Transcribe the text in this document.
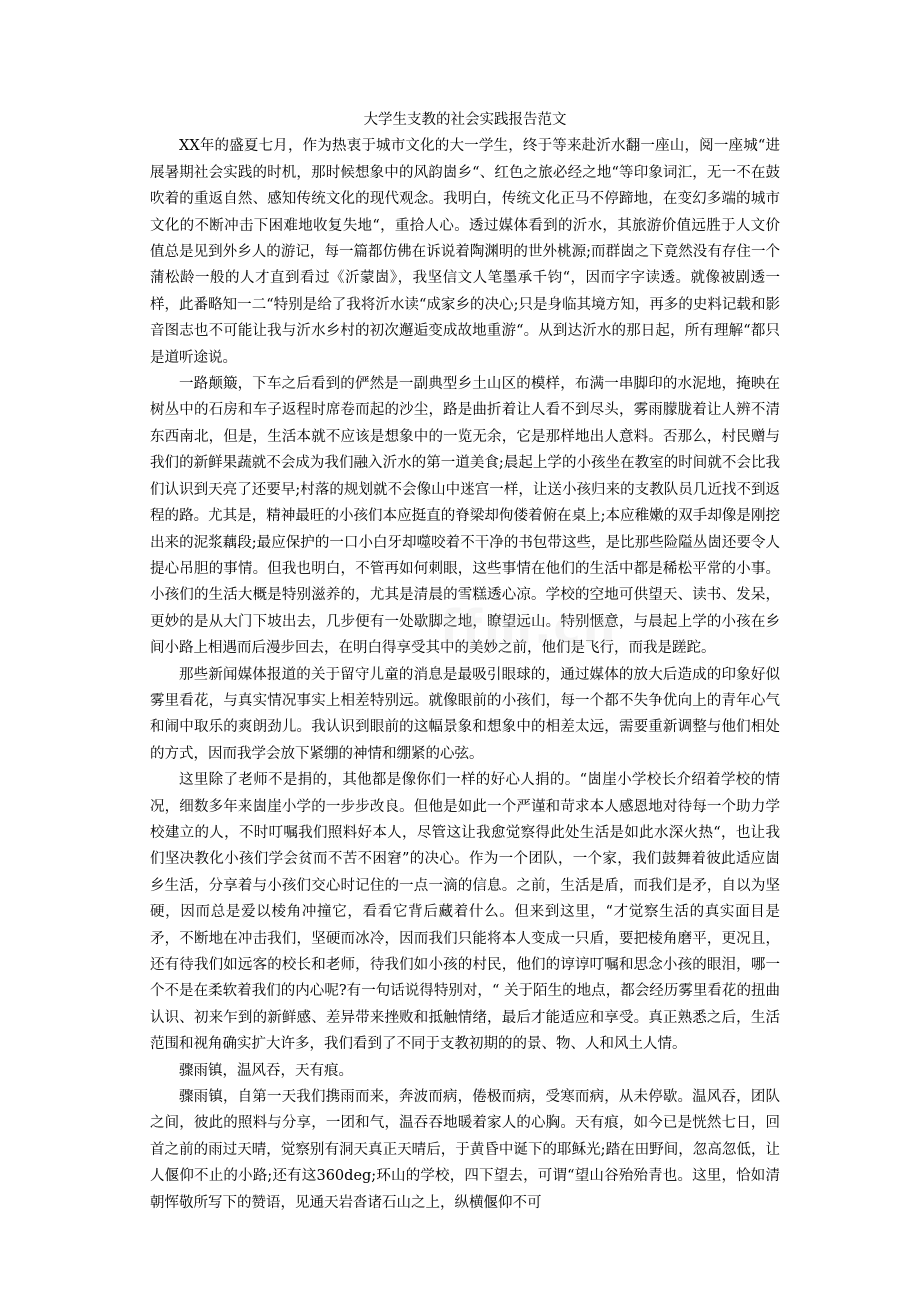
大学生支教的社会实践报告范文

XX年的盛夏七月，作为热衷于城市文化的大一学生，终于等来赴沂水翻一座山，阅一座城“进展暑期社会实践的时机，那时候想象中的风韵崮乡“、红色之旅必经之地“等印象词汇，无一不在鼓吹着的重返自然、感知传统文化的现代观念。我明白，传统文化正马不停蹄地，在变幻多端的城市文化的不断冲击下困难地收复失地“，重拾人心。透过媒体看到的沂水，其旅游价值远胜于人文价值总是见到外乡人的游记，每一篇都仿佛在诉说着陶渊明的世外桃源;而群崮之下竟然没有存住一个蒲松龄一般的人才直到看过《沂蒙崮》，我坚信文人笔墨承千钧“，因而字字读透。就像被剧透一样，此番略知一二“特别是给了我将沂水读“成家乡的决心;只是身临其境方知，再多的史料记载和影音图志也不可能让我与沂水乡村的初次邂逅变成故地重游“。从到达沂水的那日起，所有理解“都只是道听途说。

一路颠簸，下车之后看到的俨然是一副典型乡土山区的模样，布满一串脚印的水泥地，掩映在树丛中的石房和车子返程时席卷而起的沙尘，路是曲折着让人看不到尽头，雾雨朦胧着让人辨不清东西南北，但是，生活本就不应该是想象中的一览无余，它是那样地出人意料。否那么，村民赠与我们的新鲜果蔬就不会成为我们融入沂水的第一道美食;晨起上学的小孩坐在教室的时间就不会比我们认识到天亮了还要早;村落的规划就不会像山中迷宫一样，让送小孩归来的支教队员几近找不到返程的路。尤其是，精神最旺的小孩们本应挺直的脊梁却佝偻着俯在桌上;本应稚嫩的双手却像是刚挖出来的泥浆藕段;最应保护的一口小白牙却噬咬着不干净的书包带这些，是比那些险隘丛崮还要令人提心吊胆的事情。但我也明白，不管再如何刺眼，这些事情在他们的生活中都是稀松平常的小事。小孩们的生活大概是特别滋养的，尤其是清晨的雪糕透心凉。学校的空地可供望天、读书、发呆，更妙的是从大门下坡出去，几步便有一处歇脚之地，瞭望远山。特别惬意，与晨起上学的小孩在乡间小路上相遇而后漫步回去，在明白得享受其中的美妙之前，他们是飞行，而我是蹉跎。

那些新闻媒体报道的关于留守儿童的消息是最吸引眼球的，通过媒体的放大后造成的印象好似雾里看花，与真实情况事实上相差特别远。就像眼前的小孩们，每一个都不失争优向上的青年心气和闹中取乐的爽朗劲儿。我认识到眼前的这幅景象和想象中的相差太远，需要重新调整与他们相处的方式，因而我学会放下紧绷的神情和绷紧的心弦。

这里除了老师不是捐的，其他都是像你们一样的好心人捐的。“崮崖小学校长介绍着学校的情况，细数多年来崮崖小学的一步步改良。但他是如此一个严谨和苛求本人感恩地对待每一个助力学校建立的人，不时叮嘱我们照料好本人，尽管这让我愈觉察得此处生活是如此水深火热“，也让我们坚决教化小孩们学会贫而不苦不困窘”的决心。作为一个团队，一个家，我们鼓舞着彼此适应崮乡生活，分享着与小孩们交心时记住的一点一滴的信息。之前，生活是盾，而我们是矛，自以为坚硬，因而总是爱以棱角冲撞它，看看它背后藏着什么。但来到这里，“才觉察生活的真实面目是矛，不断地在冲击我们，坚硬而冰冷，因而我们只能将本人变成一只盾，要把棱角磨平，更况且，还有待我们如远客的校长和老师，待我们如小孩的村民，他们的谆谆叮嘱和思念小孩的眼泪，哪一个不是在柔软着我们的内心呢?有一句话说得特别对，“ 关于陌生的地点，都会经历雾里看花的扭曲认识、初来乍到的新鲜感、差异带来挫败和抵触情绪，最后才能适应和享受。真正熟悉之后，生活范围和视角确实扩大许多，我们看到了不同于支教初期的的景、物、人和风土人情。

骤雨镇，温风吞，天有痕。

骤雨镇，自第一天我们携雨而来，奔波而病，倦极而病，受寒而病，从未停歇。温风吞，团队之间，彼此的照料与分享，一团和气，温吞吞地暖着家人的心胸。天有痕，如今已是恍然七日，回首之前的雨过天晴，觉察别有洞天真正天晴后，于黄昏中诞下的耶稣光;踏在田野间，忽高忽低，让人偃仰不止的小路;还有这360deg;环山的学校，四下望去，可谓“望山谷殆殆青也。这里，恰如清朝恽敬所写下的赞语，见通天岩沓诸石山之上，纵横偃仰不可

ffm.cn
